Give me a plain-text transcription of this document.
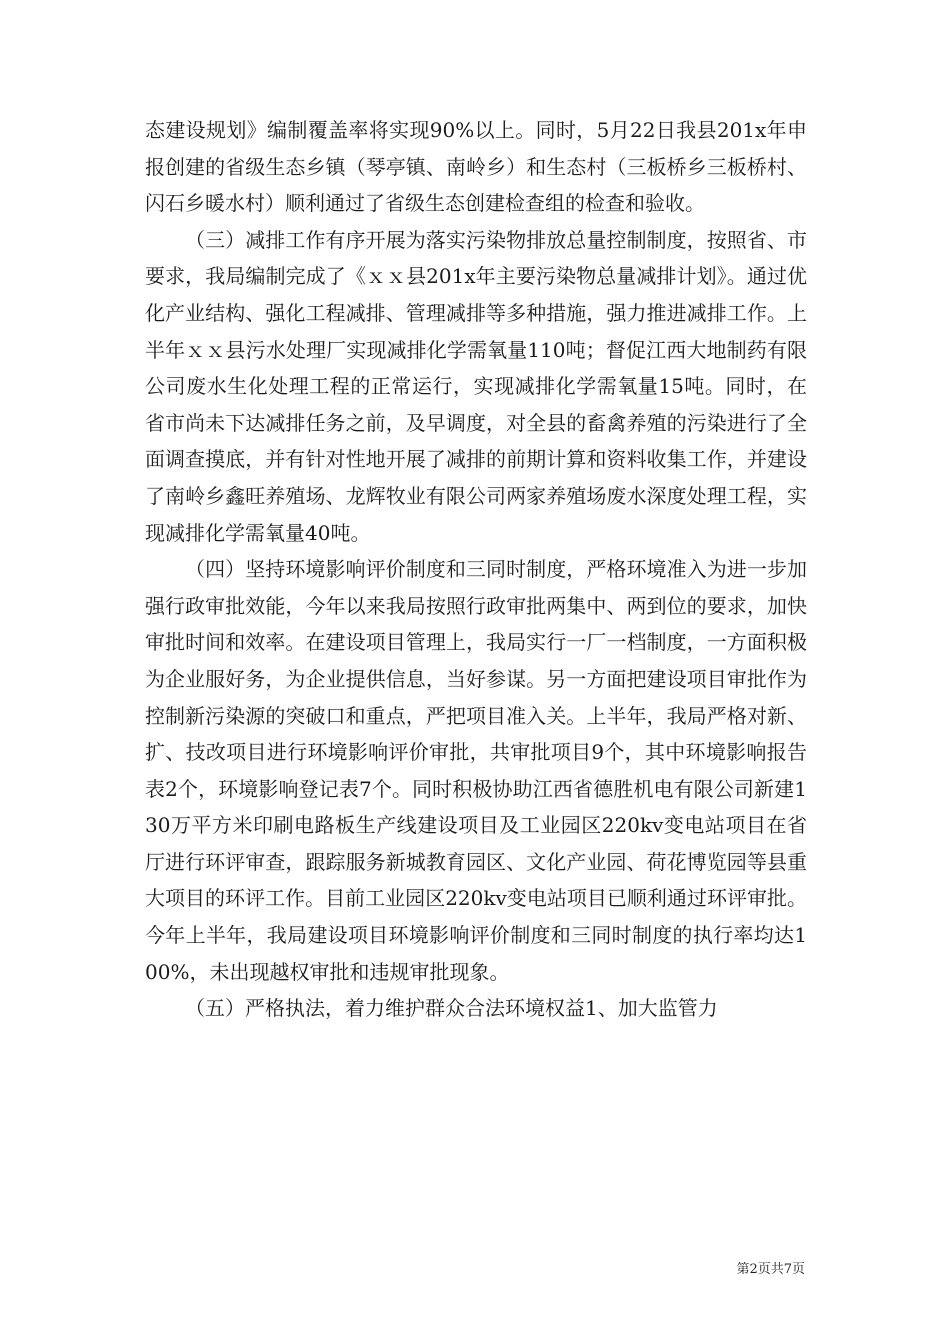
态建设规划》编制覆盖率将实现90%以上。同时，5月22日我县201x年申报创建的省级生态乡镇（琴亭镇、南岭乡）和生态村（三板桥乡三板桥村、闪石乡暖水村）顺利通过了省级生态创建检查组的检查和验收。

（三）减排工作有序开展为落实污染物排放总量控制制度，按照省、市要求，我局编制完成了《ｘｘ县201x年主要污染物总量减排计划》。通过优化产业结构、强化工程减排、管理减排等多种措施，强力推进减排工作。上半年ｘｘ县污水处理厂实现减排化学需氧量110吨；督促江西大地制药有限公司废水生化处理工程的正常运行，实现减排化学需氧量15吨。同时，在省市尚未下达减排任务之前，及早调度，对全县的畜禽养殖的污染进行了全面调查摸底，并有针对性地开展了减排的前期计算和资料收集工作，并建设了南岭乡鑫旺养殖场、龙辉牧业有限公司两家养殖场废水深度处理工程，实现减排化学需氧量40吨。

（四）坚持环境影响评价制度和三同时制度，严格环境准入为进一步加强行政审批效能，今年以来我局按照行政审批两集中、两到位的要求，加快审批时间和效率。在建设项目管理上，我局实行一厂一档制度，一方面积极为企业服好务，为企业提供信息，当好参谋。另一方面把建设项目审批作为控制新污染源的突破口和重点，严把项目准入关。上半年，我局严格对新、扩、技改项目进行环境影响评价审批，共审批项目9个，其中环境影响报告表2个，环境影响登记表7个。同时积极协助江西省德胜机电有限公司新建130万平方米印刷电路板生产线建设项目及工业园区220kv变电站项目在省厅进行环评审查，跟踪服务新城教育园区、文化产业园、荷花博览园等县重大项目的环评工作。目前工业园区220kv变电站项目已顺利通过环评审批。今年上半年，我局建设项目环境影响评价制度和三同时制度的执行率均达100%，未出现越权审批和违规审批现象。

（五）严格执法，着力维护群众合法环境权益1、加大监管力

第2页共7页
